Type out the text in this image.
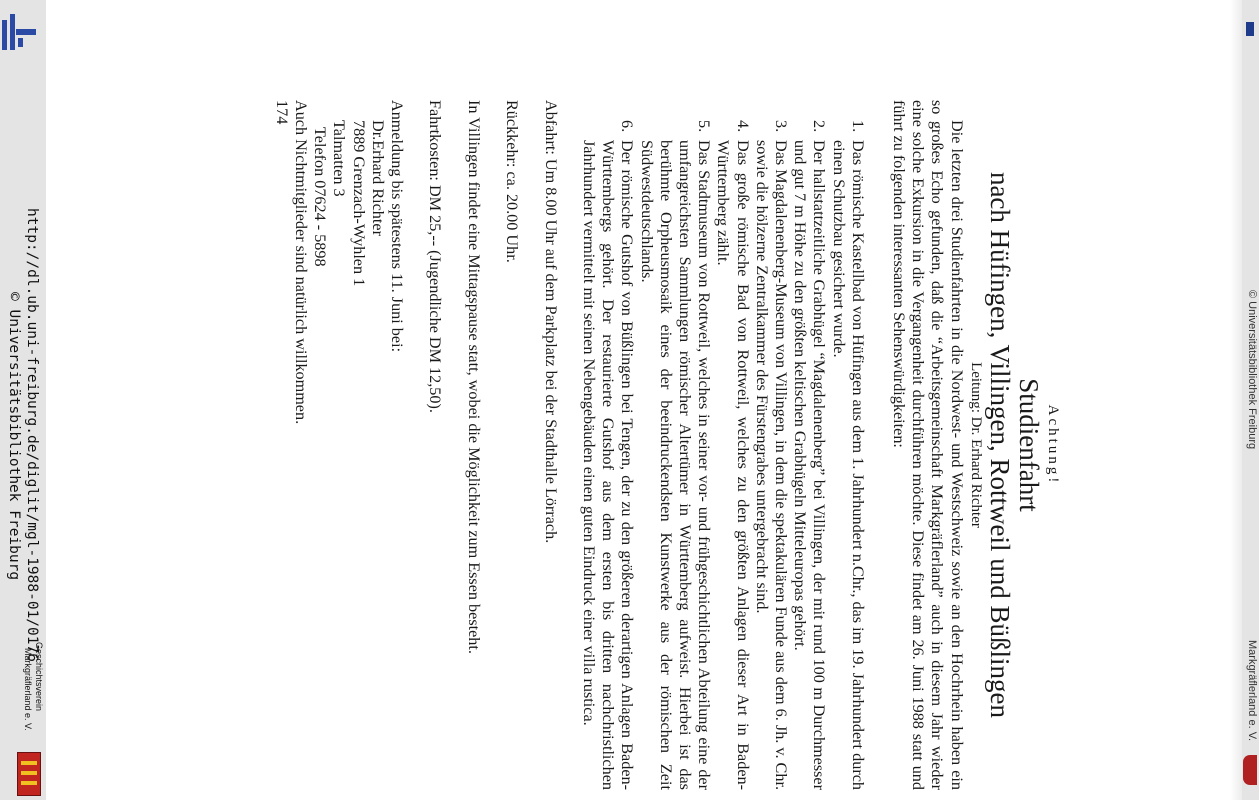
http://dl.ub.uni-freiburg.de/diglit/mgl-1988-01/0176
© Universitätsbibliothek Freiburg
Geschichtsverein
Markgräflerland e. V.
© Universitätsbibliothek Freiburg
Markgräflerland e. V.

Achtung!

Studienfahrt

nach Hüfingen, Villingen, Rottweil und Büßlingen

Leitung: Dr. Erhard Richter

Die letzten drei Studienfahrten in die Nordwest- und Westschweiz sowie an den Hochrhein haben ein so großes Echo gefunden, daß die “Arbeitsgemeinschaft Markgräflerland” auch in diesem Jahr wieder eine solche Exkursion in die Vergangenheit durchführen möchte. Diese findet am 26. Juni 1988 statt und führt zu folgenden interessanten Sehenswürdigkeiten:

1.
Das römische Kastellbad von Hüfingen aus dem 1. Jahrhundert n.Chr., das im 19. Jahrhundert durch einen Schutzbau gesichert wurde.
2.
Der hallstattzeitliche Grabhügel “Magdalenenberg” bei Villingen, der mit rund 100 m Durchmesser und gut 7 m Höhe zu den größten keltischen Grabhügeln Mitteleuropas gehört.
3.
Das Magdalenenberg-Museum von Villingen, in dem die spektakulären Funde aus dem 6. Jh. v. Chr. sowie die hölzerne Zentralkammer des Fürstengrabes untergebracht sind.
4.
Das große römische Bad von Rottweil, welches zu den größten Anlagen dieser Art in Baden-Württemberg zählt.
5.
Das Stadtmuseum von Rottweil, welches in seiner vor- und frühgeschichtlichen Abteilung eine der umfangreichsten Sammlungen römischer Altertümer in Württemberg aufweist. Hierbei ist das berühmte Orpheusmosaik eines der beeindruckendsten Kunstwerke aus der römischen Zeit Südwestdeutschlands.
6.
Der römische Gutshof von Büßlingen bei Tengen, der zu den größeren derartigen Anlagen Baden-Württembergs gehört. Der restaurierte Gutshof aus dem ersten bis dritten nachchristlichen Jahrhundert vermittelt mit seinen Nebengebäuden einen guten Eindruck einer villa rustica.

Abfahrt: Um 8.00 Uhr auf dem Parkplatz bei der Stadthalle Lörrach.

Rückkehr: ca. 20.00 Uhr.

In Villingen findet eine Mittagspause statt, wobei die Möglichkeit zum Essen besteht.

Fahrtkosten: DM 25,-- (Jugendliche DM 12,50).

Anmeldung bis spätestens 11. Juni bei:

Dr.Erhard Richter

7889 Grenzach-Wyhlen 1

Talmatten 3

Telefon 07624 - 5898

Auch Nichtmitglieder sind natürlich willkommen.

174
